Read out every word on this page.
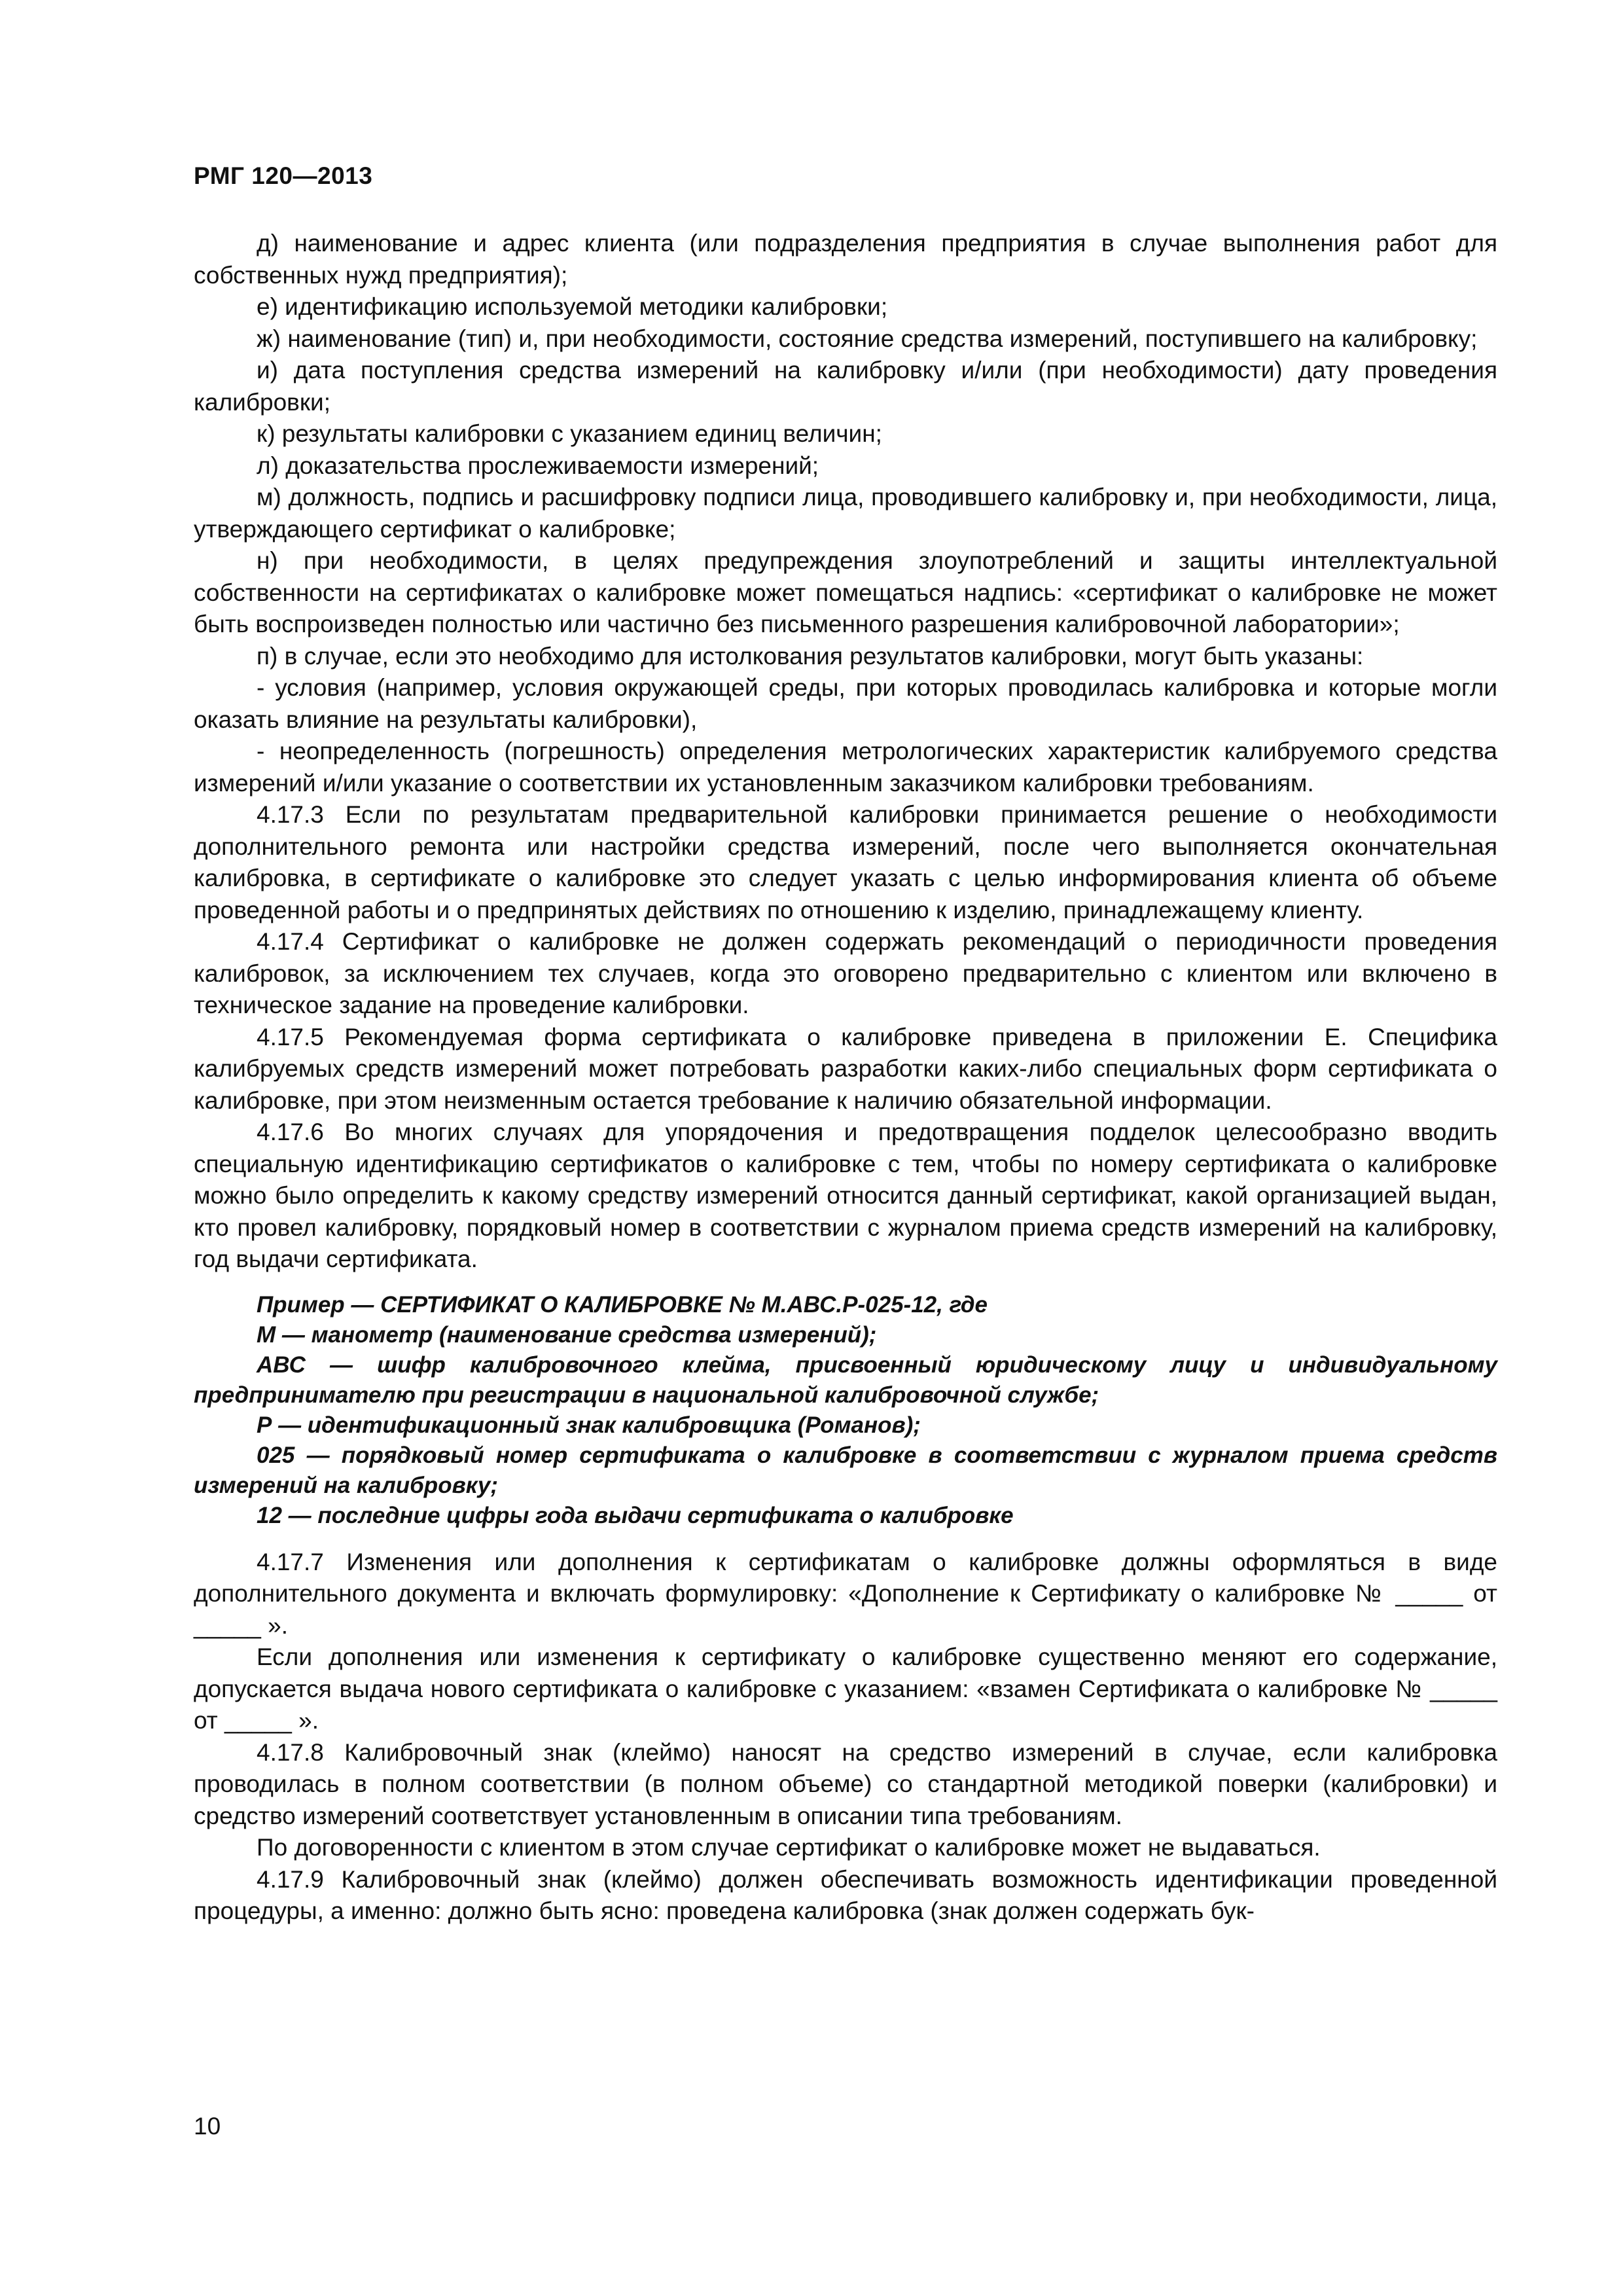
РМГ 120—2013

д) наименование и адрес клиента (или подразделения предприятия в случае выполнения работ для собственных нужд предприятия);

е) идентификацию используемой методики калибровки;

ж) наименование (тип) и, при необходимости, состояние средства измерений, поступившего на калибровку;

и) дата поступления средства измерений на калибровку и/или (при необходимости) дату проведения калибровки;

к) результаты калибровки с указанием единиц величин;

л) доказательства прослеживаемости измерений;

м) должность, подпись и расшифровку подписи лица, проводившего калибровку и, при необходимости, лица, утверждающего сертификат о калибровке;

н) при необходимости, в целях предупреждения злоупотреблений и защиты интеллектуальной собственности на сертификатах о калибровке может помещаться надпись: «сертификат о калибровке не может быть воспроизведен полностью или частично без письменного разрешения калибровочной лаборатории»;

п) в случае, если это необходимо для истолкования результатов калибровки, могут быть указаны:

- условия (например, условия окружающей среды, при которых проводилась калибровка и которые могли оказать влияние на результаты калибровки),

- неопределенность (погрешность) определения метрологических характеристик калибруемого средства измерений и/или указание о соответствии их установленным заказчиком калибровки требованиям.

4.17.3 Если по результатам предварительной калибровки принимается решение о необходимости дополнительного ремонта или настройки средства измерений, после чего выполняется окончательная калибровка, в сертификате о калибровке это следует указать с целью информирования клиента об объеме проведенной работы и о предпринятых действиях по отношению к изделию, принадлежащему клиенту.

4.17.4 Сертификат о калибровке не должен содержать рекомендаций о периодичности проведения калибровок, за исключением тех случаев, когда это оговорено предварительно с клиентом или включено в техническое задание на проведение калибровки.

4.17.5 Рекомендуемая форма сертификата о калибровке приведена в приложении Е. Специфика калибруемых средств измерений может потребовать разработки каких-либо специальных форм сертификата о калибровке, при этом неизменным остается требование к наличию обязательной информации.

4.17.6 Во многих случаях для упорядочения и предотвращения подделок целесообразно вводить специальную идентификацию сертификатов о калибровке с тем, чтобы по номеру сертификата о калибровке можно было определить к какому средству измерений относится данный сертификат, какой организацией выдан, кто провел калибровку, порядковый номер в соответствии с журналом приема средств измерений на калибровку, год выдачи сертификата.

Пример — СЕРТИФИКАТ О КАЛИБРОВКЕ № М.АВС.Р-025-12, где

М — манометр (наименование средства измерений);

АВС — шифр калибровочного клейма, присвоенный юридическому лицу и индивидуальному предпринимателю при регистрации в национальной калибровочной службе;

Р — идентификационный знак калибровщика (Романов);

025 — порядковый номер сертификата о калибровке в соответствии с журналом приема средств измерений на калибровку;

12 — последние цифры года выдачи сертификата о калибровке

4.17.7 Изменения или дополнения к сертификатам о калибровке должны оформляться в виде дополнительного документа и включать формулировку: «Дополнение к Сертификату о калибровке № _____ от _____ ».

Если дополнения или изменения к сертификату о калибровке существенно меняют его содержание, допускается выдача нового сертификата о калибровке с указанием: «взамен Сертификата о калибровке № _____ от _____ ».

4.17.8 Калибровочный знак (клеймо) наносят на средство измерений в случае, если калибровка проводилась в полном соответствии (в полном объеме) со стандартной методикой поверки (калибровки) и средство измерений соответствует установленным в описании типа требованиям.

По договоренности с клиентом в этом случае сертификат о калибровке может не выдаваться.

4.17.9 Калибровочный знак (клеймо) должен обеспечивать возможность идентификации проведенной процедуры, а именно: должно быть ясно: проведена калибровка (знак должен содержать бук-

10
